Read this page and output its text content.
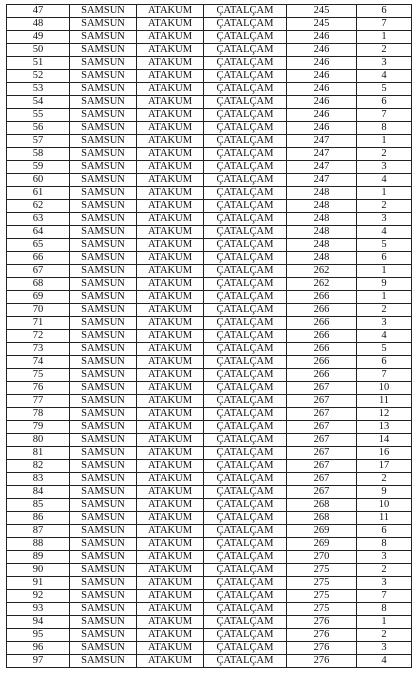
47	SAMSUN	ATAKUM	ÇATALÇAM	245	6
48	SAMSUN	ATAKUM	ÇATALÇAM	245	7
49	SAMSUN	ATAKUM	ÇATALÇAM	246	1
50	SAMSUN	ATAKUM	ÇATALÇAM	246	2
51	SAMSUN	ATAKUM	ÇATALÇAM	246	3
52	SAMSUN	ATAKUM	ÇATALÇAM	246	4
53	SAMSUN	ATAKUM	ÇATALÇAM	246	5
54	SAMSUN	ATAKUM	ÇATALÇAM	246	6
55	SAMSUN	ATAKUM	ÇATALÇAM	246	7
56	SAMSUN	ATAKUM	ÇATALÇAM	246	8
57	SAMSUN	ATAKUM	ÇATALÇAM	247	1
58	SAMSUN	ATAKUM	ÇATALÇAM	247	2
59	SAMSUN	ATAKUM	ÇATALÇAM	247	3
60	SAMSUN	ATAKUM	ÇATALÇAM	247	4
61	SAMSUN	ATAKUM	ÇATALÇAM	248	1
62	SAMSUN	ATAKUM	ÇATALÇAM	248	2
63	SAMSUN	ATAKUM	ÇATALÇAM	248	3
64	SAMSUN	ATAKUM	ÇATALÇAM	248	4
65	SAMSUN	ATAKUM	ÇATALÇAM	248	5
66	SAMSUN	ATAKUM	ÇATALÇAM	248	6
67	SAMSUN	ATAKUM	ÇATALÇAM	262	1
68	SAMSUN	ATAKUM	ÇATALÇAM	262	9
69	SAMSUN	ATAKUM	ÇATALÇAM	266	1
70	SAMSUN	ATAKUM	ÇATALÇAM	266	2
71	SAMSUN	ATAKUM	ÇATALÇAM	266	3
72	SAMSUN	ATAKUM	ÇATALÇAM	266	4
73	SAMSUN	ATAKUM	ÇATALÇAM	266	5
74	SAMSUN	ATAKUM	ÇATALÇAM	266	6
75	SAMSUN	ATAKUM	ÇATALÇAM	266	7
76	SAMSUN	ATAKUM	ÇATALÇAM	267	10
77	SAMSUN	ATAKUM	ÇATALÇAM	267	11
78	SAMSUN	ATAKUM	ÇATALÇAM	267	12
79	SAMSUN	ATAKUM	ÇATALÇAM	267	13
80	SAMSUN	ATAKUM	ÇATALÇAM	267	14
81	SAMSUN	ATAKUM	ÇATALÇAM	267	16
82	SAMSUN	ATAKUM	ÇATALÇAM	267	17
83	SAMSUN	ATAKUM	ÇATALÇAM	267	2
84	SAMSUN	ATAKUM	ÇATALÇAM	267	9
85	SAMSUN	ATAKUM	ÇATALÇAM	268	10
86	SAMSUN	ATAKUM	ÇATALÇAM	268	11
87	SAMSUN	ATAKUM	ÇATALÇAM	269	6
88	SAMSUN	ATAKUM	ÇATALÇAM	269	8
89	SAMSUN	ATAKUM	ÇATALÇAM	270	3
90	SAMSUN	ATAKUM	ÇATALÇAM	275	2
91	SAMSUN	ATAKUM	ÇATALÇAM	275	3
92	SAMSUN	ATAKUM	ÇATALÇAM	275	7
93	SAMSUN	ATAKUM	ÇATALÇAM	275	8
94	SAMSUN	ATAKUM	ÇATALÇAM	276	1
95	SAMSUN	ATAKUM	ÇATALÇAM	276	2
96	SAMSUN	ATAKUM	ÇATALÇAM	276	3
97	SAMSUN	ATAKUM	ÇATALÇAM	276	4
